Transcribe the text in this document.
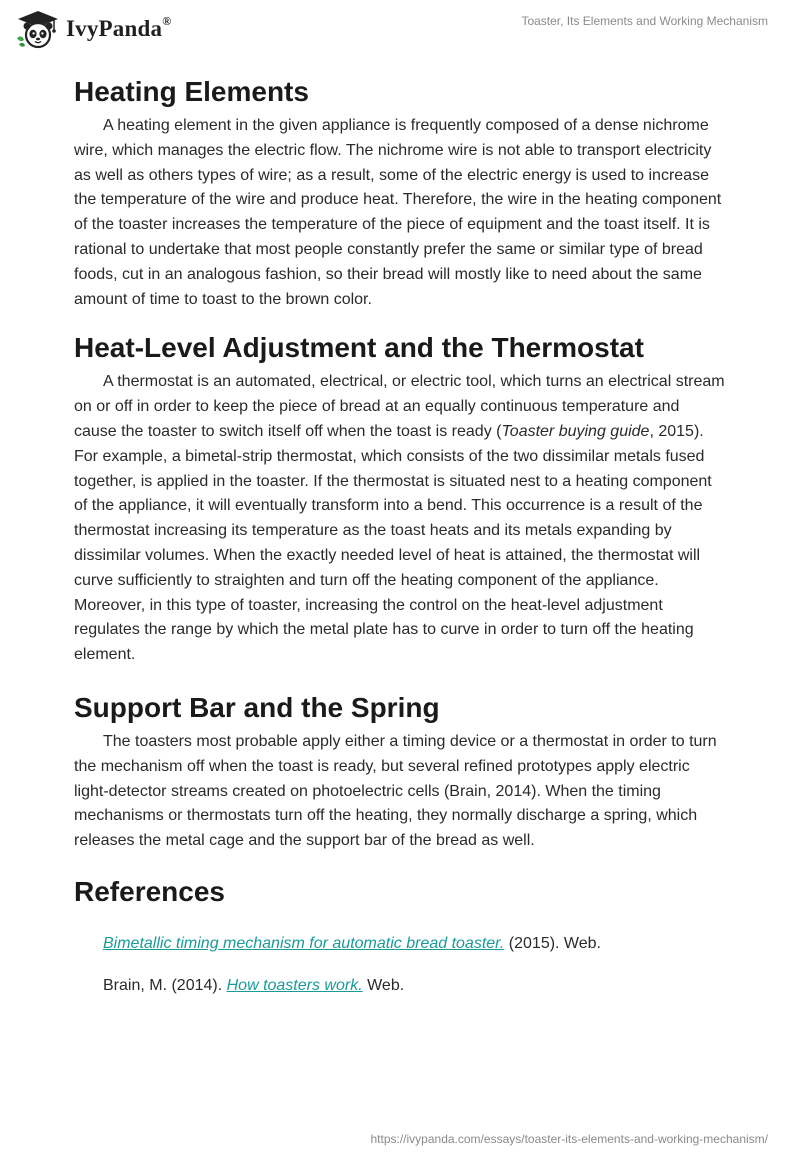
IvyPanda®	Toaster, Its Elements and Working Mechanism
Heating Elements

A heating element in the given appliance is frequently composed of a dense nichrome wire, which manages the electric flow. The nichrome wire is not able to transport electricity as well as others types of wire; as a result, some of the electric energy is used to increase the temperature of the wire and produce heat. Therefore, the wire in the heating component of the toaster increases the temperature of the piece of equipment and the toast itself. It is rational to undertake that most people constantly prefer the same or similar type of bread foods, cut in an analogous fashion, so their bread will mostly like to need about the same amount of time to toast to the brown color.

Heat-Level Adjustment and the Thermostat

A thermostat is an automated, electrical, or electric tool, which turns an electrical stream on or off in order to keep the piece of bread at an equally continuous temperature and cause the toaster to switch itself off when the toast is ready (Toaster buying guide, 2015). For example, a bimetal-strip thermostat, which consists of the two dissimilar metals fused together, is applied in the toaster. If the thermostat is situated nest to a heating component of the appliance, it will eventually transform into a bend. This occurrence is a result of the thermostat increasing its temperature as the toast heats and its metals expanding by dissimilar volumes. When the exactly needed level of heat is attained, the thermostat will curve sufficiently to straighten and turn off the heating component of the appliance. Moreover, in this type of toaster, increasing the control on the heat-level adjustment regulates the range by which the metal plate has to curve in order to turn off the heating element.

Support Bar and the Spring

The toasters most probable apply either a timing device or a thermostat in order to turn the mechanism off when the toast is ready, but several refined prototypes apply electric light-detector streams created on photoelectric cells (Brain, 2014). When the timing mechanisms or thermostats turn off the heating, they normally discharge a spring, which releases the metal cage and the support bar of the bread as well.

References

Bimetallic timing mechanism for automatic bread toaster. (2015). Web.

Brain, M. (2014). How toasters work. Web.

https://ivypanda.com/essays/toaster-its-elements-and-working-mechanism/
